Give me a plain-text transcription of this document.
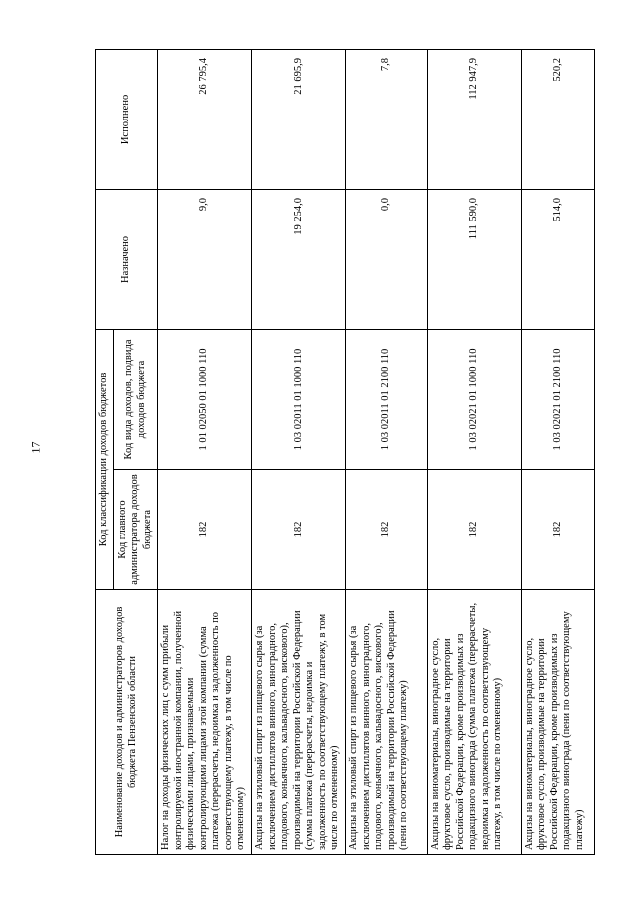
17
Наименование доходов и администраторов доходов бюджета Пензенской области	Код классификации доходов бюджетов		Назначено	Исполнено
	Код главного администратора доходов бюджета	Код вида доходов, подвида доходов бюджета		
Налог на доходы физических лиц с сумм прибыли контролируемой иностранной компании, полученной физическими лицами, признаваемыми контролирующими лицами этой компании (сумма платежа (перерасчеты, недоимка и задолженность по соответствующему платежу, в том числе по отмененному)	182	1 01 02050 01 1000 110	9,0	26 795,4
Акцизы на этиловый спирт из пищевого сырья (за исключением дистиллятов винного, виноградного, плодового, коньячного, кальвадосного, вискового), производимый на территории Российской Федерации (сумма платежа (перерасчеты, недоимка и задолженность по соответствующему платежу, в том числе по отмененному)	182	1 03 02011 01 1000 110	19 254,0	21 695,9
Акцизы на этиловый спирт из пищевого сырья (за исключением дистиллятов винного, виноградного, плодового, коньячного, кальвадосного, вискового), производимый на территории Российской Федерации (пени по соответствующему платежу)	182	1 03 02011 01 2100 110	0,0	7,8
Акцизы на виноматериалы, виноградное сусло, фруктовое сусло, производимые на территории Российской Федерации, кроме производимых из подакцизного винограда (сумма платежа (перерасчеты, недоимка и задолженность по соответствующему платежу, в том числе по отмененному)	182	1 03 02021 01 1000 110	111 590,0	112 947,9
Акцизы на виноматериалы, виноградное сусло, фруктовое сусло, производимые на территории Российской Федерации, кроме производимых из подакцизного винограда (пени по соответствующему платежу)	182	1 03 02021 01 2100 110	514,0	520,2
